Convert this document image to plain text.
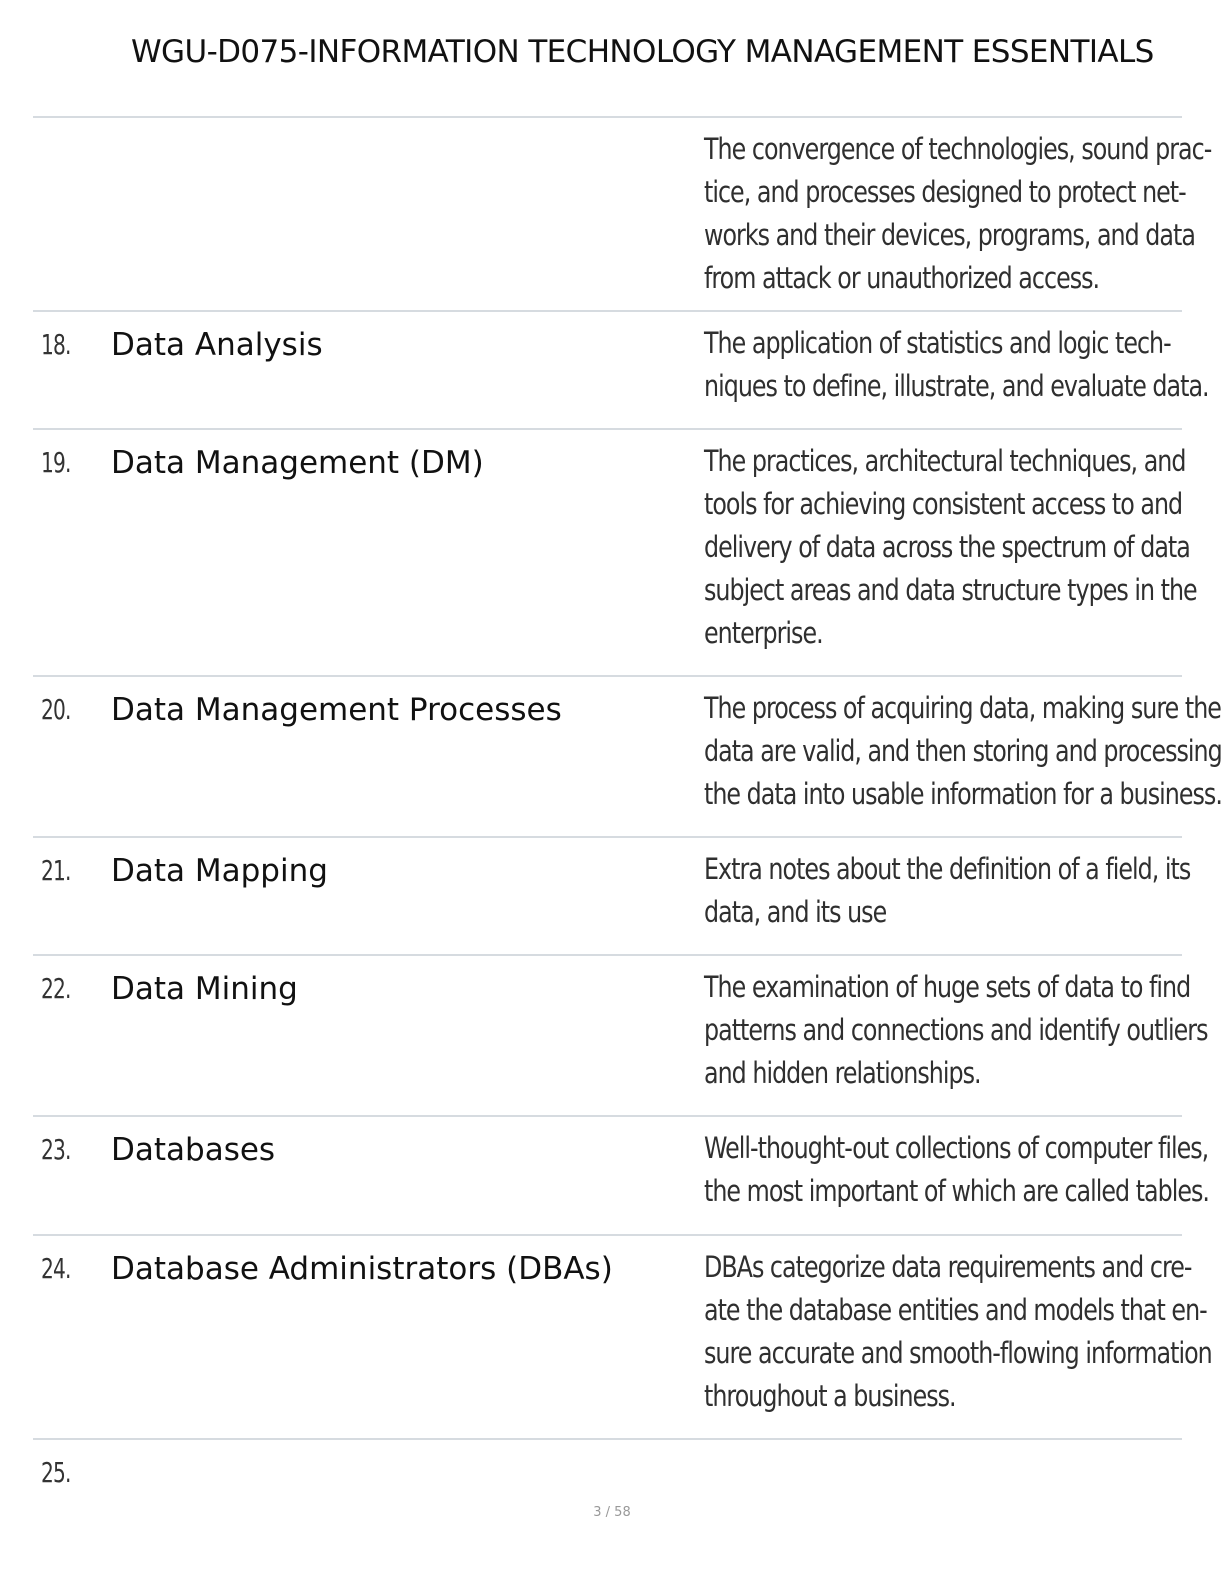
WGU-D075-INFORMATION TECHNOLOGY MANAGEMENT ESSENTIALS

The convergence of technologies, sound prac-

tice, and processes designed to protect net-

works and their devices, programs, and data

from attack or unauthorized access.

18. Data Analysis	The application of statistics and logic tech-

niques to define, illustrate, and evaluate data.

19. Data Management (DM)	The practices, architectural techniques, and

tools for achieving consistent access to and

delivery of data across the spectrum of data

subject areas and data structure types in the

enterprise.

20. Data Management Processes	The process of acquiring data, making sure the

data are valid, and then storing and processing

the data into usable information for a business.

21. Data Mapping	Extra notes about the definition of a field, its

data, and its use

22. Data Mining	The examination of huge sets of data to find

patterns and connections and identify outliers

and hidden relationships.

23. Databases	Well-thought-out collections of computer files,

the most important of which are called tables.

24. Database Administrators (DBAs)	DBAs categorize data requirements and cre-

ate the database entities and models that en-

sure accurate and smooth-flowing information

throughout a business.

25.
3 / 58
